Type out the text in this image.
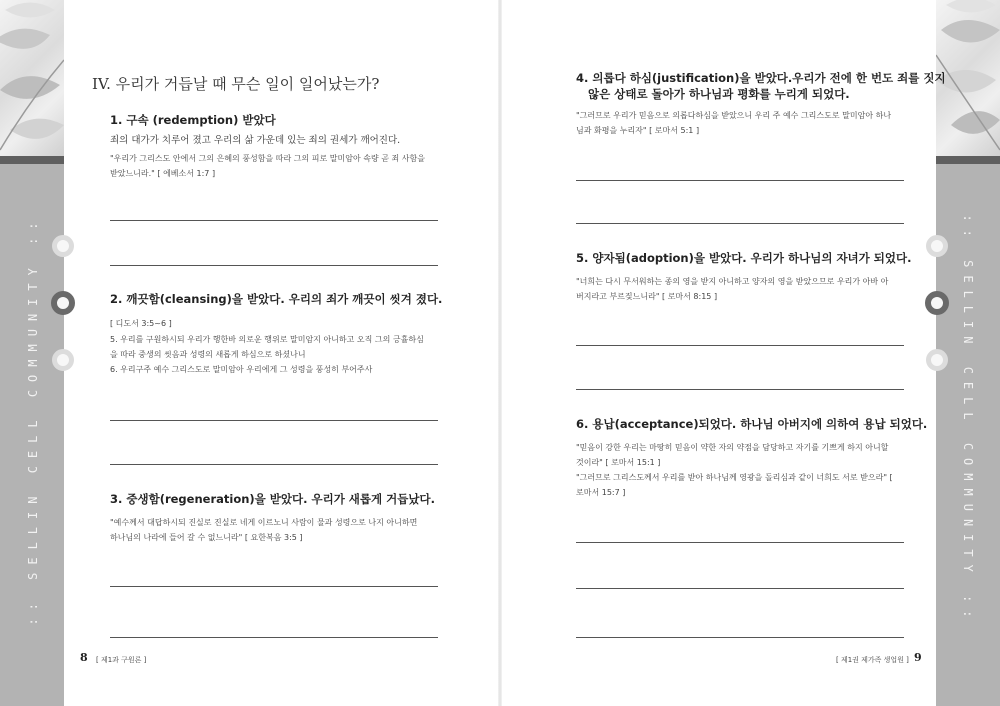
:: SELLIN CELL COMMUNITY ::	:: SELLIN CELL COMMUNITY ::
IV. 우리가 거듭날 때 무슨 일이 일어났는가?
1. 구속 (redemption) 받았다
죄의 대가가 치루어 졌고 우리의 삶 가운데 있는 죄의 권세가 깨어진다.
"우리가 그리스도 안에서 그의 은혜의 풍성함을 따라 그의 피로 말미암아 속량 곧 죄 사함을
받았느니라." [ 에베소서 1:7 ]
2. 깨끗함(cleansing)을 받았다. 우리의 죄가 깨끗이 씻겨 졌다.
[ 디도서 3:5~6 ]
5. 우리를 구원하시되 우리가 행한바 의로운 행위로 말미암지 아니하고 오직 그의 긍휼하심
을 따라 중생의 씻음과 성령의 새롭게 하심으로 하셨나니
6. 우리구주 예수 그리스도로 말미암아 우리에게 그 성령을 풍성히 부어주사
3. 중생함(regeneration)을 받았다. 우리가 새롭게 거듭났다.
"예수께서 대답하시되 진실로 진실로 네게 이르노니 사람이 물과 성령으로 나지 아니하면
하나님의 나라에 들어 갈 수 없느니라" [ 요한복음 3:5 ]
8 [ 제1과 구원론 ]
4. 의롭다 하심(justification)을 받았다.우리가 전에 한 번도 죄를 짓지
않은 상태로 돌아가 하나님과 평화를 누리게 되었다.
"그러므로 우리가 믿음으로 의롭다하심을 받았으니 우리 주 예수 그리스도로 말미암아 하나
님과 화평을 누리자" [ 로마서 5:1 ]
5. 양자됨(adoption)을 받았다. 우리가 하나님의 자녀가 되었다.
"너희는 다시 무서워하는 종의 영을 받지 아니하고 양자의 영을 받았으므로 우리가 아바 아
버지라고 부르짖느니라" [ 로마서 8:15 ]
6. 용납(acceptance)되었다. 하나님 아버지에 의하여 용납 되었다.
"믿음이 강한 우리는 마땅히 믿음이 약한 자의 약점을 담당하고 자기를 기쁘게 하지 아니할
것이라" [ 로마서 15:1 ]
"그러므로 그리스도께서 우리를 받아 하나님께 영광을 돌리심과 같이 너희도 서로 받으라" [
로마서 15:7 ]
[ 제1권 제가족 생업원 ] 9
